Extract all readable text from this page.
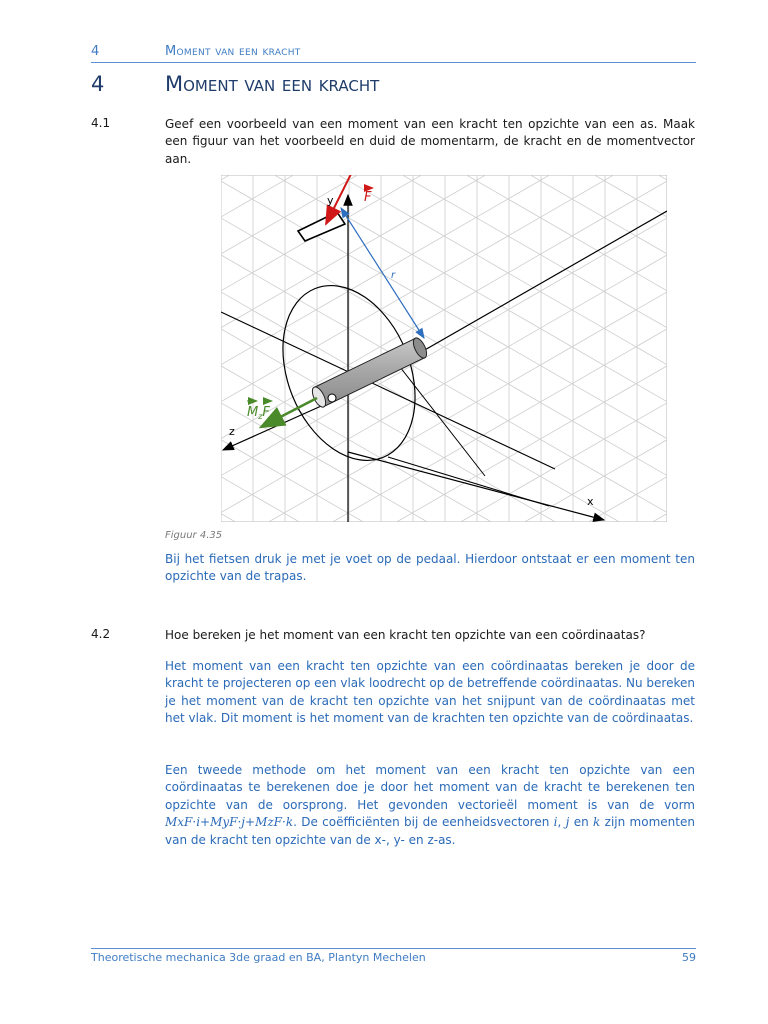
4	Moment van een kracht
4	Moment van een kracht
4.1	Geef een voorbeeld van een moment van een kracht ten opzichte van een as. Maak een figuur van het voorbeeld en duid de momentarm, de kracht en de momentvector aan.
r
F
$M_zF$
y
x
z
Figuur 4.35
Bij het fietsen druk je met je voet op de pedaal. Hierdoor ontstaat er een moment ten opzichte van de trapas.
4.2	Hoe bereken je het moment van een kracht ten opzichte van een coördinaatas?
Het moment van een kracht ten opzichte van een coördinaatas bereken je door de kracht te projecteren op een vlak loodrecht op de betreffende coördinaatas. Nu bereken je het moment van de kracht ten opzichte van het snijpunt van de coördinaatas met het vlak. Dit moment is het moment van de krachten ten opzichte van de coördinaatas.
Een tweede methode om het moment van een kracht ten opzichte van een coördinaatas te berekenen doe je door het moment van de kracht te berekenen ten opzichte van de oorsprong. Het gevonden vectorieël moment is van de vorm MxF·i+MyF·j+MzF·k. De coëfficiënten bij de eenheidsvectoren i, j en k zijn momenten van de kracht ten opzichte van de x-, y- en z-as.
Theoretische mechanica 3de graad en BA, Plantyn Mechelen	59
